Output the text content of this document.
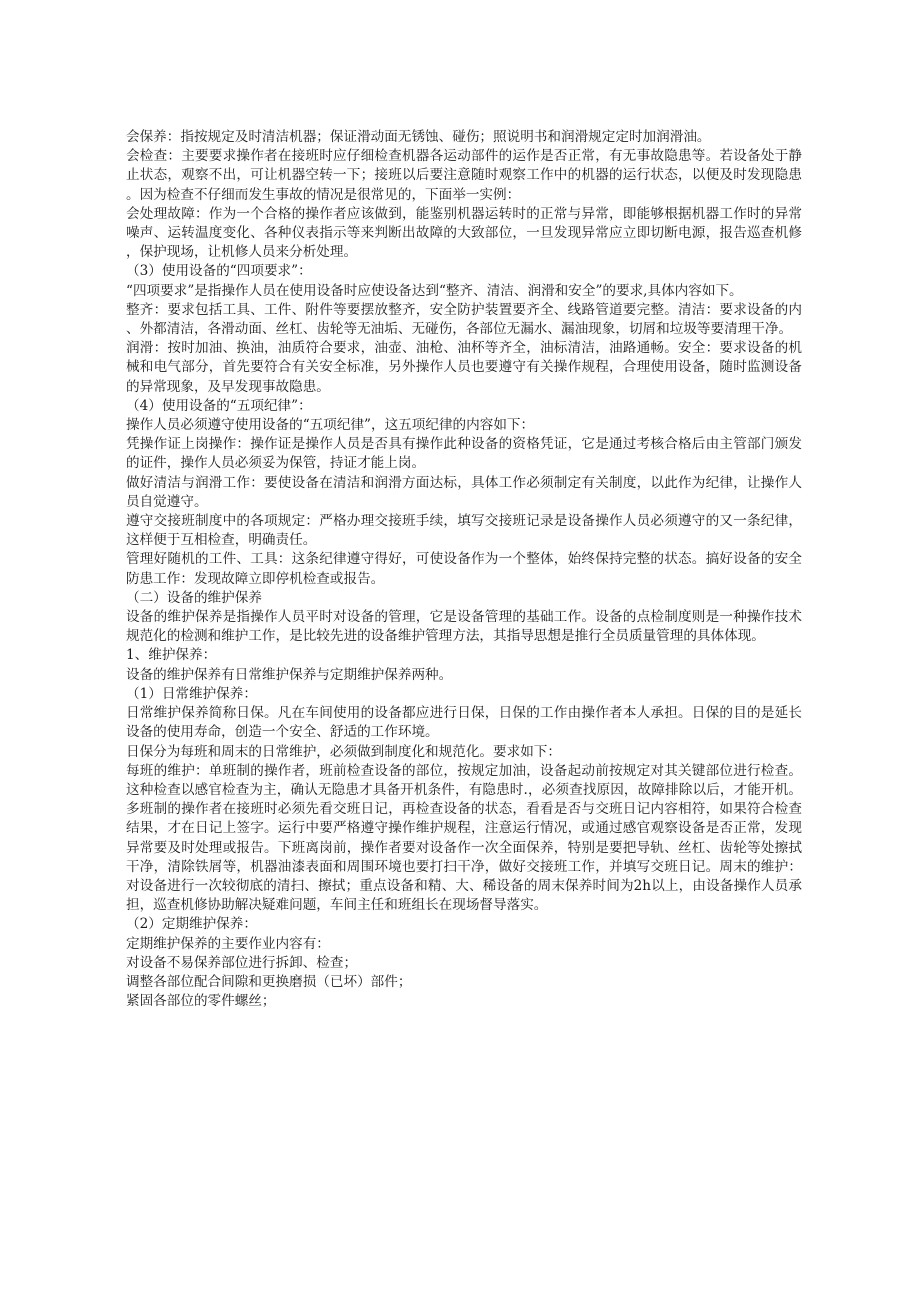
会保养：指按规定及时清洁机器；保证滑动面无锈蚀、碰伤；照说明书和润滑规定定时加润滑油。

会检查：主要要求操作者在接班时应仔细检查机器各运动部件的运作是否正常，有无事故隐患等。若设备处于静止状态，观察不出，可让机器空转一下；接班以后要注意随时观察工作中的机器的运行状态，以便及时发现隐患。因为检查不仔细而发生事故的情况是很常见的，下面举一实例：

会处理故障：作为一个合格的操作者应该做到，能鉴别机器运转时的正常与异常，即能够根据机器工作时的异常噪声、运转温度变化、各种仪表指示等来判断出故障的大致部位，一旦发现异常应立即切断电源，报告巡查机修，保护现场，让机修人员来分析处理。

（3）使用设备的“四项要求”：

“四项要求”是指操作人员在使用设备时应使设备达到“整齐、清洁、润滑和安全”的要求,具体内容如下。

整齐：要求包括工具、工件、附件等要摆放整齐，安全防护装置要齐全、线路管道要完整。清洁：要求设备的内、外都清洁，各滑动面、丝杠、齿轮等无油垢、无碰伤，各部位无漏水、漏油现象，切屑和垃圾等要清理干净。

润滑：按时加油、换油，油质符合要求，油壶、油枪、油杯等齐全，油标清洁，油路通畅。安全：要求设备的机械和电气部分，首先要符合有关安全标准，另外操作人员也要遵守有关操作规程，合理使用设备，随时监测设备的异常现象，及早发现事故隐患。

（4）使用设备的“五项纪律”：

操作人员必须遵守使用设备的“五项纪律”，这五项纪律的内容如下：

凭操作证上岗操作：操作证是操作人员是否具有操作此种设备的资格凭证，它是通过考核合格后由主管部门颁发的证件，操作人员必须妥为保管，持证才能上岗。

做好清洁与润滑工作：要使设备在清洁和润滑方面达标，具体工作必须制定有关制度，以此作为纪律，让操作人员自觉遵守。

遵守交接班制度中的各项规定：严格办理交接班手续，填写交接班记录是设备操作人员必须遵守的又一条纪律，这样便于互相检查，明确责任。

管理好随机的工件、工具：这条纪律遵守得好，可使设备作为一个整体，始终保持完整的状态。搞好设备的安全防患工作：发现故障立即停机检查或报告。

（二）设备的维护保养

设备的维护保养是指操作人员平时对设备的管理，它是设备管理的基础工作。设备的点检制度则是一种操作技术规范化的检测和维护工作，是比较先进的设备维护管理方法，其指导思想是推行全员质量管理的具体体现。

1、维护保养：

设备的维护保养有日常维护保养与定期维护保养两种。

（1）日常维护保养：

日常维护保养简称日保。凡在车间使用的设备都应进行日保，日保的工作由操作者本人承担。日保的目的是延长设备的使用寿命，创造一个安全、舒适的工作环境。

日保分为每班和周末的日常维护，必须做到制度化和规范化。要求如下：

每班的维护：单班制的操作者，班前检查设备的部位，按规定加油，设备起动前按规定对其关键部位进行检查。这种检查以感官检查为主，确认无隐患才具备开机条件，有隐患时.，必须查找原因，故障排除以后，才能开机。多班制的操作者在接班时必须先看交班日记，再检查设备的状态，看看是否与交班日记内容相符，如果符合检查结果，才在日记上签字。运行中要严格遵守操作维护规程，注意运行情况，或通过感官观察设备是否正常，发现异常要及时处理或报告。下班离岗前，操作者要对设备作一次全面保养，特别是要把导轨、丝杠、齿轮等处擦拭干净，清除铁屑等，机器油漆表面和周围环境也要打扫干净，做好交接班工作，并填写交班日记。周末的维护：对设备进行一次较彻底的清扫、擦拭；重点设备和精、大、稀设备的周末保养时间为2h以上，由设备操作人员承担，巡查机修协助解决疑难问题，车间主任和班组长在现场督导落实。

（2）定期维护保养：

定期维护保养的主要作业内容有：

对设备不易保养部位进行拆卸、检查；

调整各部位配合间隙和更换磨损（已坏）部件；

紧固各部位的零件螺丝；
